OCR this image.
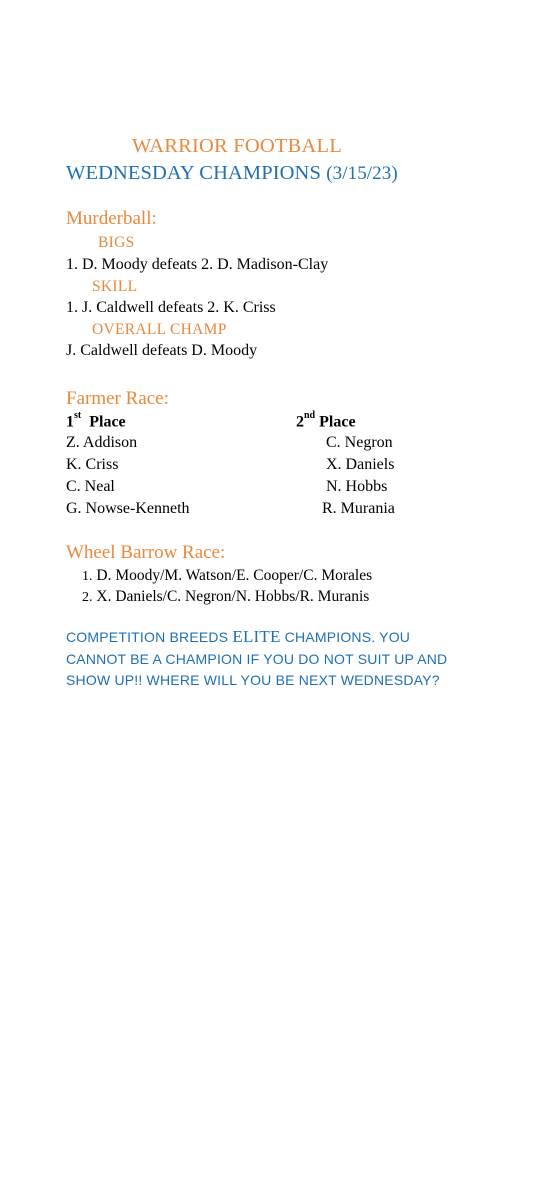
WARRIOR FOOTBALL
WEDNESDAY CHAMPIONS (3/15/23)
Murderball:
BIGS
1. D. Moody defeats 2. D. Madison-Clay
SKILL
1. J. Caldwell defeats 2. K. Criss
OVERALL CHAMP
J. Caldwell defeats D. Moody
Farmer Race:
1st Place	2nd Place
Z. Addison
K. Criss
C. Neal
G. Nowse-Kenneth
C. Negron
X. Daniels
N. Hobbs
R. Murania
Wheel Barrow Race:
1. D. Moody/M. Watson/E. Cooper/C. Morales
2. X. Daniels/C. Negron/N. Hobbs/R. Muranis
COMPETITION BREEDS ELITE CHAMPIONS. YOU CANNOT BE A CHAMPION IF YOU DO NOT SUIT UP AND SHOW UP!! WHERE WILL YOU BE NEXT WEDNESDAY?
